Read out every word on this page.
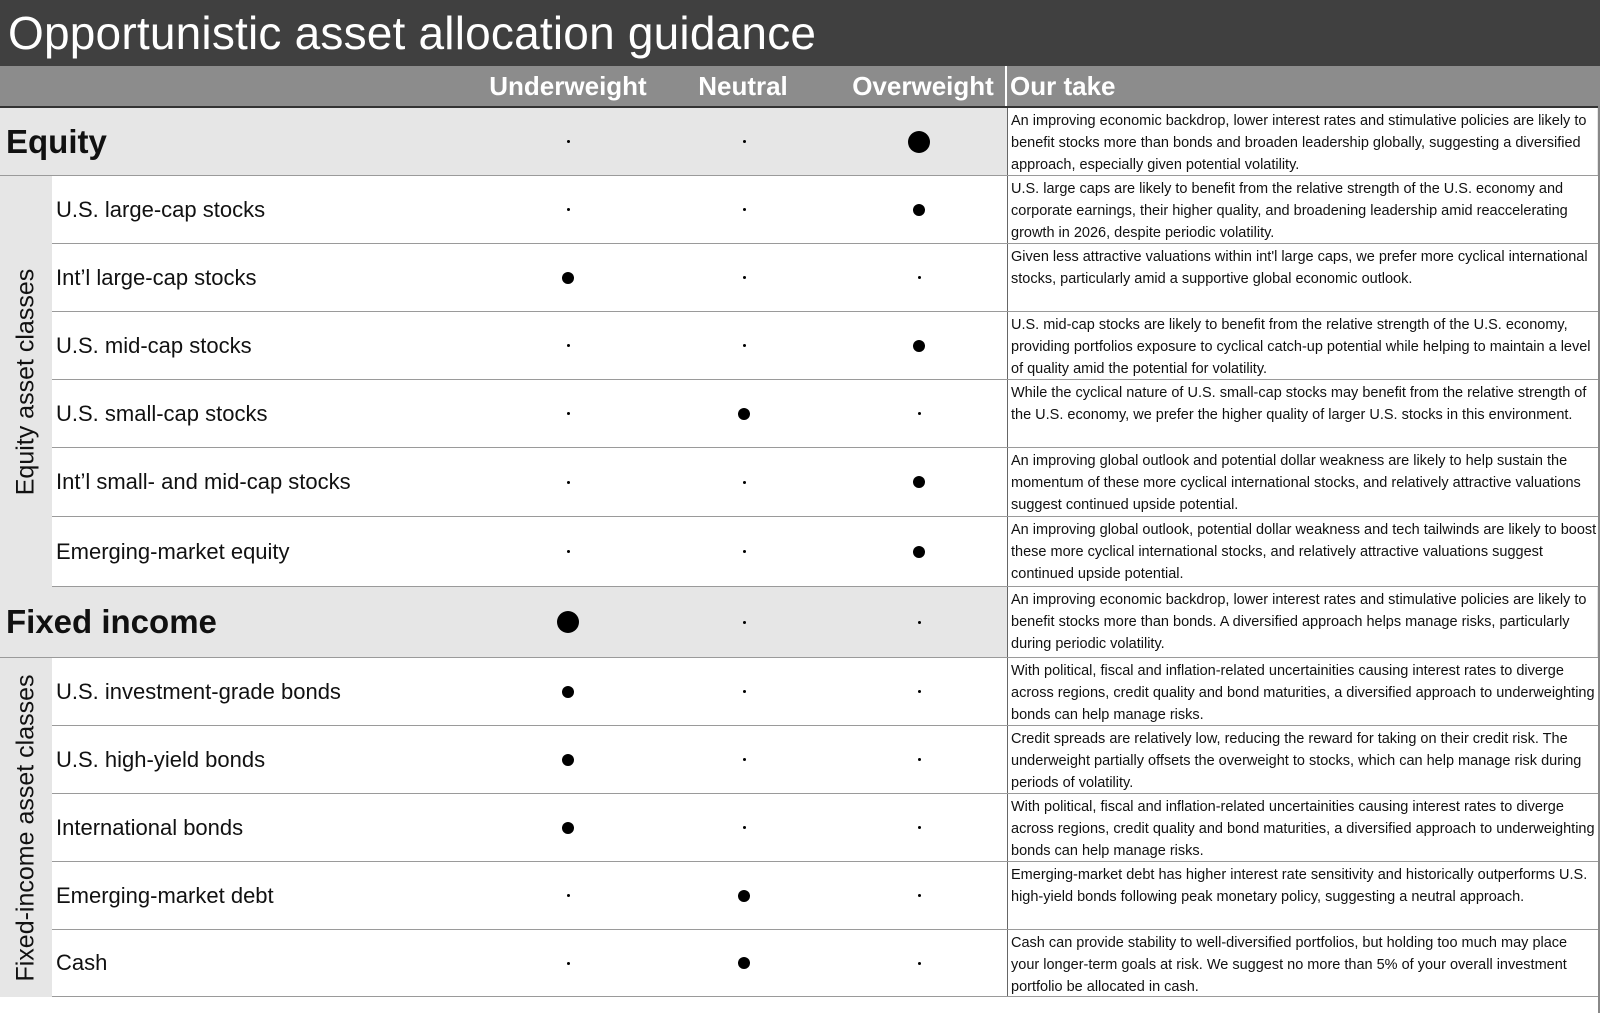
Opportunistic asset allocation guidance
Underweight	Neutral	Overweight Our take
Equity asset classes
Fixed-income asset classes
Equity
An improving economic backdrop, lower interest rates and stimulative policies are likely to benefit stocks more than bonds and broaden leadership globally, suggesting a diversified approach, especially given potential volatility.
U.S. large-cap stocks
U.S. large caps are likely to benefit from the relative strength of the U.S. economy and corporate earnings, their higher quality, and broadening leadership amid reaccelerating growth in 2026, despite periodic volatility.
Int’l large-cap stocks
Given less attractive valuations within int'l large caps, we prefer more cyclical international stocks, particularly amid a supportive global economic outlook.
U.S. mid-cap stocks
U.S. mid-cap stocks are likely to benefit from the relative strength of the U.S. economy, providing portfolios exposure to cyclical catch-up potential while helping to maintain a level of quality amid the potential for volatility.
U.S. small-cap stocks
While the cyclical nature of U.S. small-cap stocks may benefit from the relative strength of the U.S. economy, we prefer the higher quality of larger U.S. stocks in this environment.
Int’l small- and mid-cap stocks
An improving global outlook and potential dollar weakness are likely to help sustain the momentum of these more cyclical international stocks, and relatively attractive valuations suggest continued upside potential.
Emerging-market equity
An improving global outlook, potential dollar weakness and tech tailwinds are likely to boost these more cyclical international stocks, and relatively attractive valuations suggest continued upside potential.
Fixed income
An improving economic backdrop, lower interest rates and stimulative policies are likely to benefit stocks more than bonds. A diversified approach helps manage risks, particularly during periodic volatility.
U.S. investment-grade bonds
With political, fiscal and inflation-related uncertainities causing interest rates to diverge across regions, credit quality and bond maturities, a diversified approach to underweighting bonds can help manage risks.
U.S. high-yield bonds
Credit spreads are relatively low, reducing the reward for taking on their credit risk. The underweight partially offsets the overweight to stocks, which can help manage risk during periods of volatility.
International bonds
With political, fiscal and inflation-related uncertainities causing interest rates to diverge across regions, credit quality and bond maturities, a diversified approach to underweighting bonds can help manage risks.
Emerging-market debt
Emerging-market debt has higher interest rate sensitivity and historically outperforms U.S. high-yield bonds following peak monetary policy, suggesting a neutral approach.
Cash
Cash can provide stability to well-diversified portfolios, but holding too much may place your longer-term goals at risk. We suggest no more than 5% of your overall investment portfolio be allocated in cash.
